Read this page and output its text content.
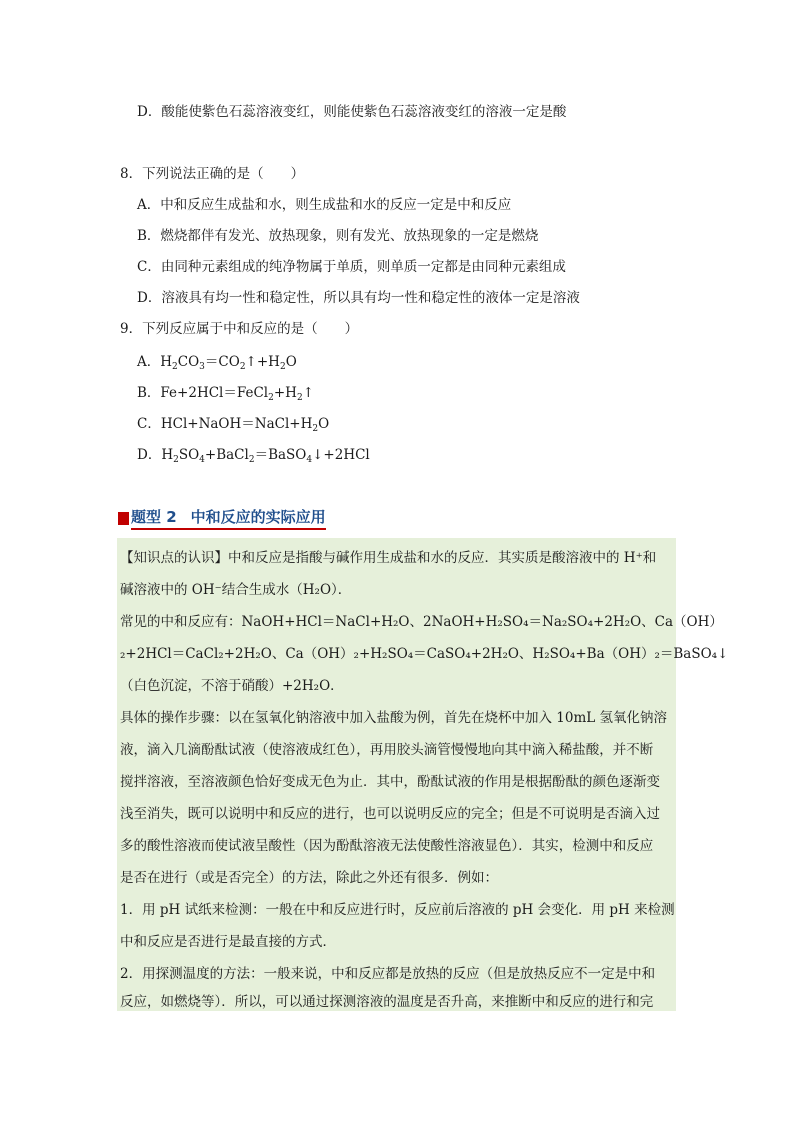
D．酸能使紫色石蕊溶液变红，则能使紫色石蕊溶液变红的溶液一定是酸
8．下列说法正确的是（　　）
A．中和反应生成盐和水，则生成盐和水的反应一定是中和反应
B．燃烧都伴有发光、放热现象，则有发光、放热现象的一定是燃烧
C．由同种元素组成的纯净物属于单质，则单质一定都是由同种元素组成
D．溶液具有均一性和稳定性，所以具有均一性和稳定性的液体一定是溶液
9．下列反应属于中和反应的是（　　）
A．$H_2CO_3=CO_2↑+H_2O$
B．$Fe+2HCl=FeCl_2+H_2↑$
C．$HCl+NaOH=NaCl+H_2O$
D．$H_2SO_4+BaCl_2=BaSO_4↓+2HCl$
题型 2 中和反应的实际应用
【知识点的认识】中和反应是指酸与碱作用生成盐和水的反应．其实质是酸溶液中的 H⁺和
碱溶液中的 OH⁻结合生成水（H₂O）．
常见的中和反应有：NaOH+HCl＝NaCl+H₂O、2NaOH+H₂SO₄＝Na₂SO₄+2H₂O、Ca（OH）
₂+2HCl＝CaCl₂+2H₂O、Ca（OH）₂+H₂SO₄＝CaSO₄+2H₂O、H₂SO₄+Ba（OH）₂＝BaSO₄↓
（白色沉淀，不溶于硝酸）+2H₂O．
具体的操作步骤：以在氢氧化钠溶液中加入盐酸为例，首先在烧杯中加入 10mL 氢氧化钠溶
液，滴入几滴酚酞试液（使溶液成红色），再用胶头滴管慢慢地向其中滴入稀盐酸，并不断
搅拌溶液，至溶液颜色恰好变成无色为止．其中，酚酞试液的作用是根据酚酞的颜色逐渐变
浅至消失，既可以说明中和反应的进行，也可以说明反应的完全；但是不可说明是否滴入过
多的酸性溶液而使试液呈酸性（因为酚酞溶液无法使酸性溶液显色）．其实，检测中和反应
是否在进行（或是否完全）的方法，除此之外还有很多．例如：
1．用 pH 试纸来检测：一般在中和反应进行时，反应前后溶液的 pH 会变化．用 pH 来检测
中和反应是否进行是最直接的方式．
2．用探测温度的方法：一般来说，中和反应都是放热的反应（但是放热反应不一定是中和
反应，如燃烧等）．所以，可以通过探测溶液的温度是否升高，来推断中和反应的进行和完
